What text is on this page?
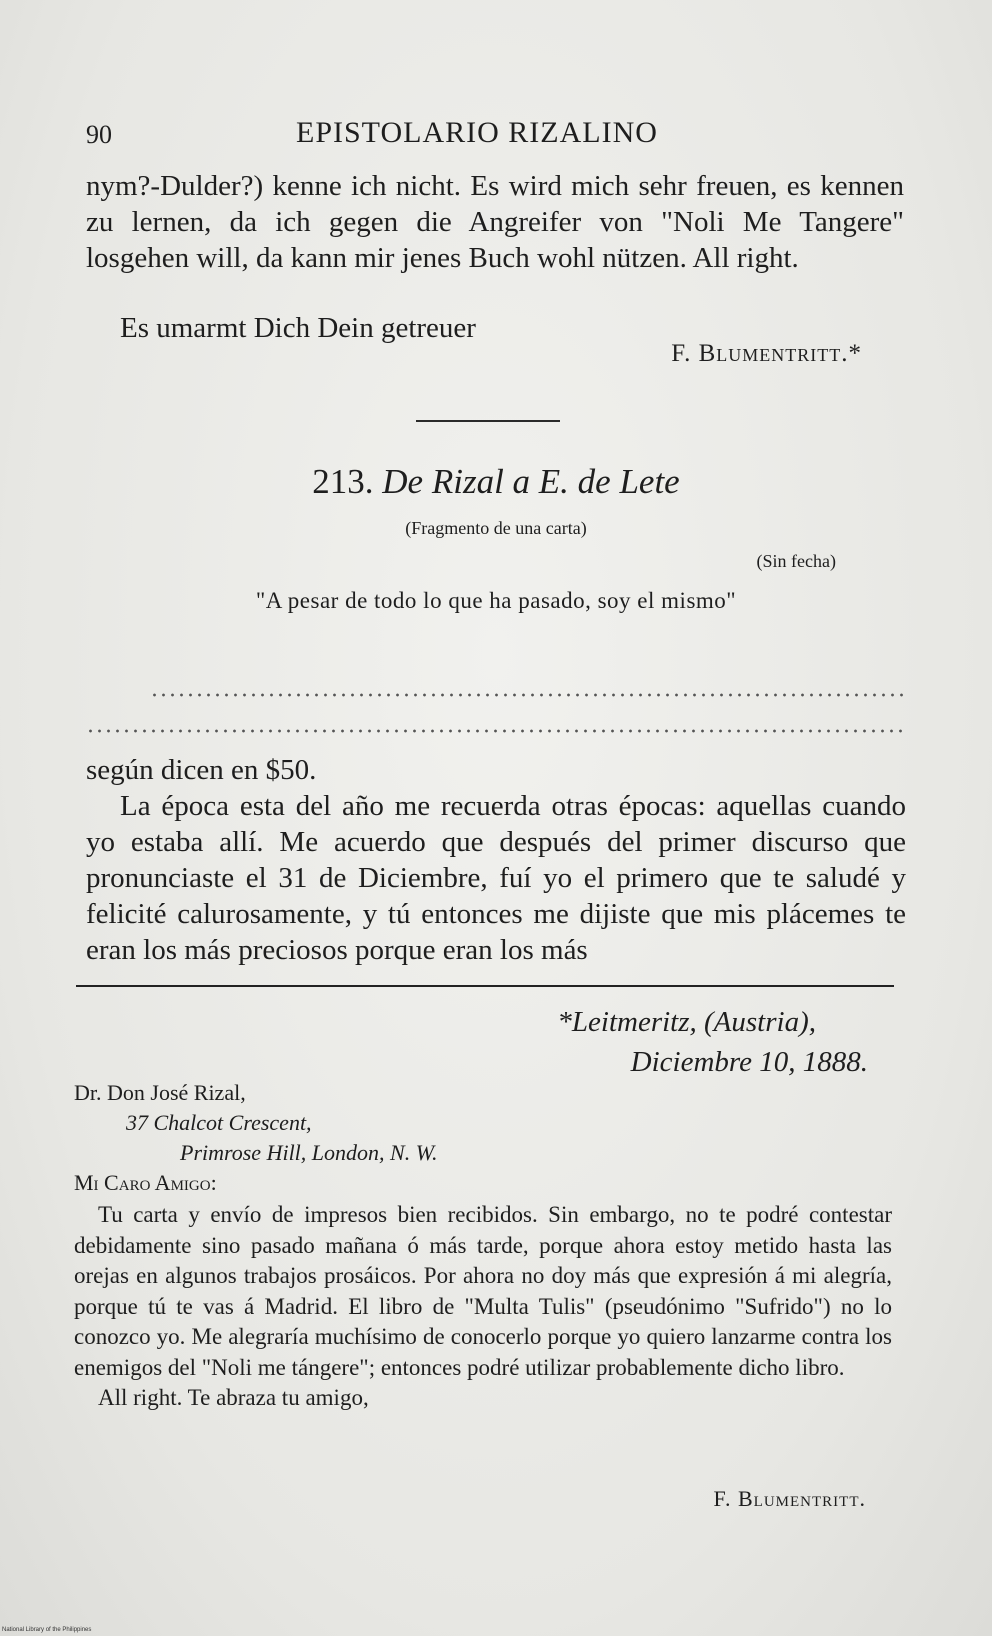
90	EPISTOLARIO RIZALINO
nym?-Dulder?) kenne ich nicht. Es wird mich sehr freuen, es kennen zu lernen, da ich gegen die Angreifer von "Noli Me Tangere" losgehen will, da kann mir jenes Buch wohl nützen. All right.
Es umarmt Dich Dein getreuer
F. Blumentritt.*
213. De Rizal a E. de Lete
(Fragmento de una carta)
(Sin fecha)
"A pesar de todo lo que ha pasado, soy el mismo"
según dicen en $50.
La época esta del año me recuerda otras épocas: aquellas cuando yo estaba allí. Me acuerdo que después del primer discurso que pronunciaste el 31 de Diciembre, fuí yo el primero que te saludé y felicité calurosamente, y tú entonces me dijiste que mis plácemes te eran los más preciosos porque eran los más
*Leitmeritz, (Austria),
Diciembre 10, 1888.
Dr. Don José Rizal,
37 Chalcot Crescent,
Primrose Hill, London, N. W.
Mi Caro Amigo:

Tu carta y envío de impresos bien recibidos. Sin embargo, no te podré contestar debidamente sino pasado mañana ó más tarde, porque ahora estoy metido hasta las orejas en algunos trabajos prosáicos. Por ahora no doy más que expresión á mi alegría, porque tú te vas á Madrid. El libro de "Multa Tulis" (pseudónimo "Sufrido") no lo conozco yo. Me alegraría muchísimo de conocerlo porque yo quiero lanzarme contra los enemigos del "Noli me tángere"; entonces podré utilizar probablemente dicho libro.

All right. Te abraza tu amigo,

F. Blumentritt.
National Library of the Philippines
